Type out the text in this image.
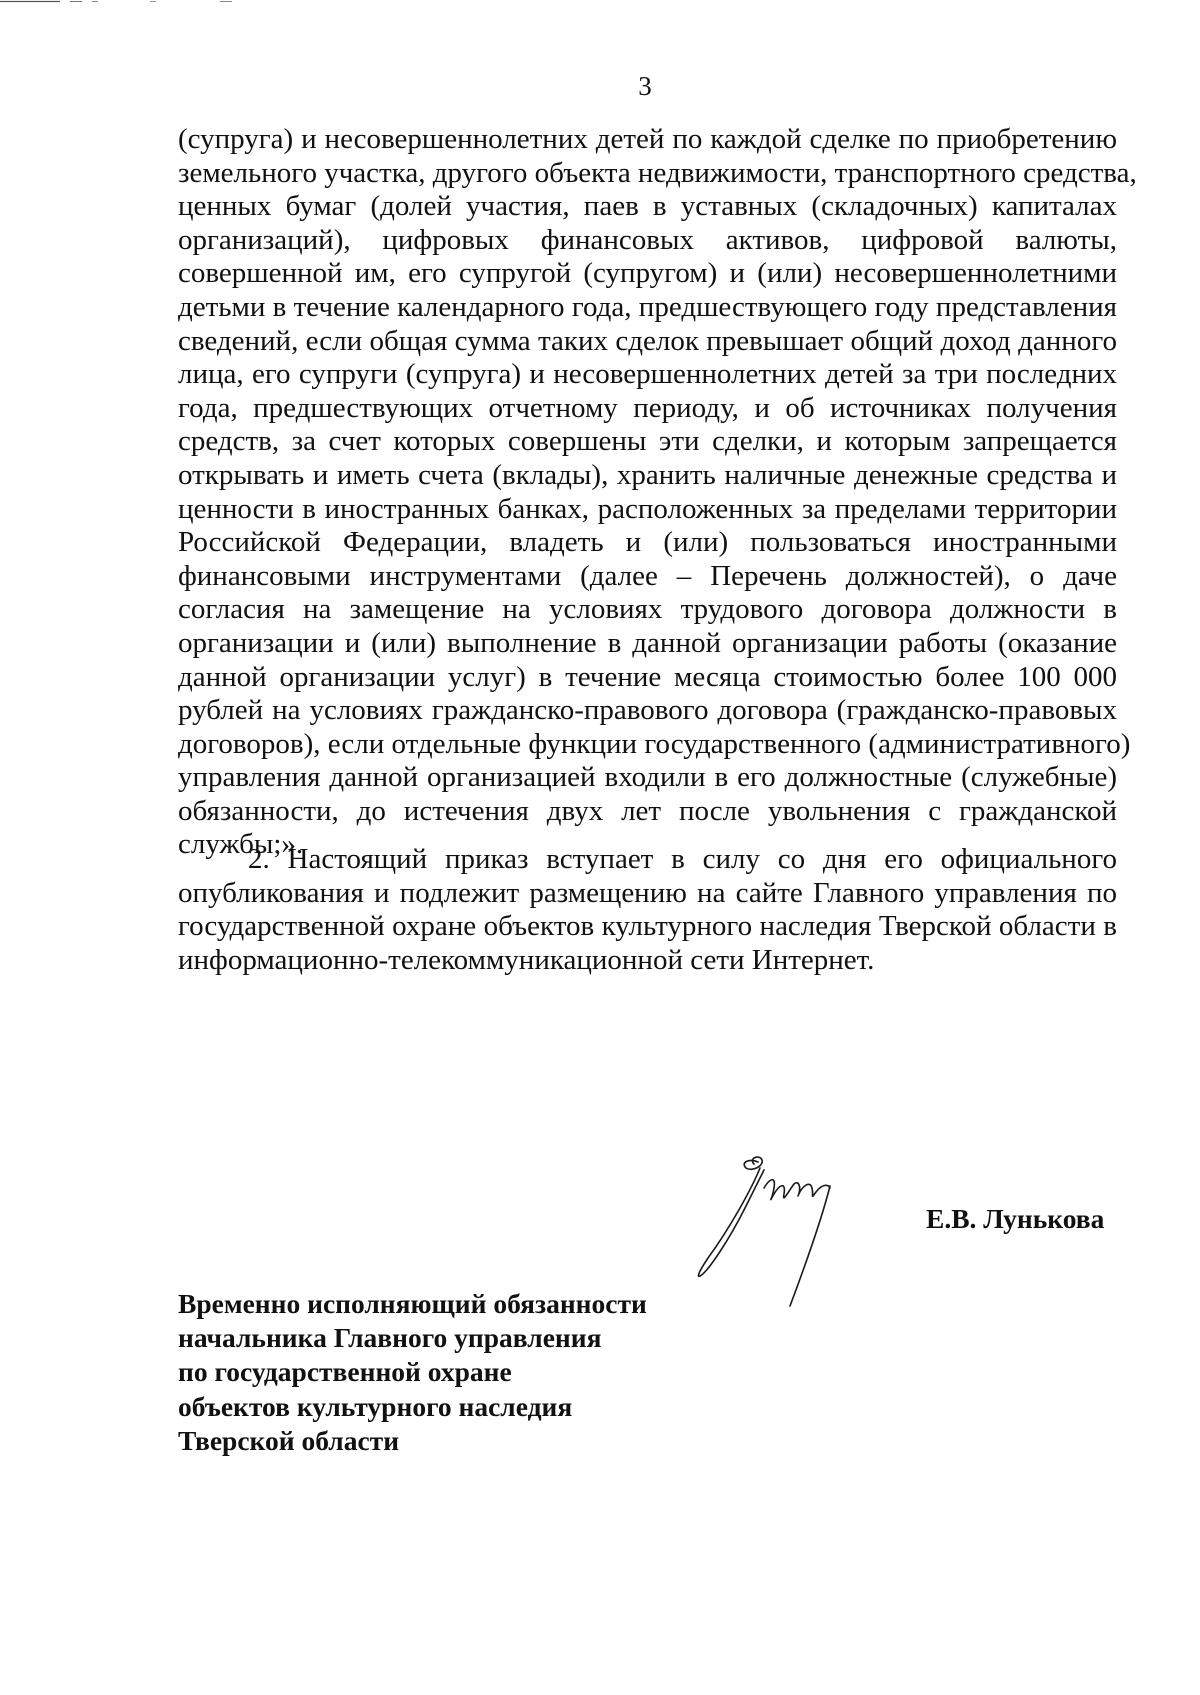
3
(супруга) и несовершеннолетних детей по каждой сделке по приобретению
земельного участка, другого объекта недвижимости, транспортного средства,
ценных бумаг (долей участия, паев в уставных (складочных) капиталах
организаций), цифровых финансовых активов, цифровой валюты,
совершенной им, его супругой (супругом) и (или) несовершеннолетними
детьми в течение календарного года, предшествующего году представления
сведений, если общая сумма таких сделок превышает общий доход данного
лица, его супруги (супруга) и несовершеннолетних детей за три последних
года, предшествующих отчетному периоду, и об источниках получения
средств, за счет которых совершены эти сделки, и которым запрещается
открывать и иметь счета (вклады), хранить наличные денежные средства и
ценности в иностранных банках, расположенных за пределами территории
Российской Федерации, владеть и (или) пользоваться иностранными
финансовыми инструментами (далее – Перечень должностей), о даче
согласия на замещение на условиях трудового договора должности в
организации и (или) выполнение в данной организации работы (оказание
данной организации услуг) в течение месяца стоимостью более 100 000
рублей на условиях гражданско-правового договора (гражданско-правовых
договоров), если отдельные функции государственного (административного)
управления данной организацией входили в его должностные (служебные)
обязанности, до истечения двух лет после увольнения с гражданской
службы;».
2. Настоящий приказ вступает в силу со дня его официального
опубликования и подлежит размещению на сайте Главного управления по
государственной охране объектов культурного наследия Тверской области в
информационно-телекоммуникационной сети Интернет.
Временно исполняющий обязанности
начальника Главного управления
по государственной охране
объектов культурного наследия
Тверской области
Е.В. Лунькова
